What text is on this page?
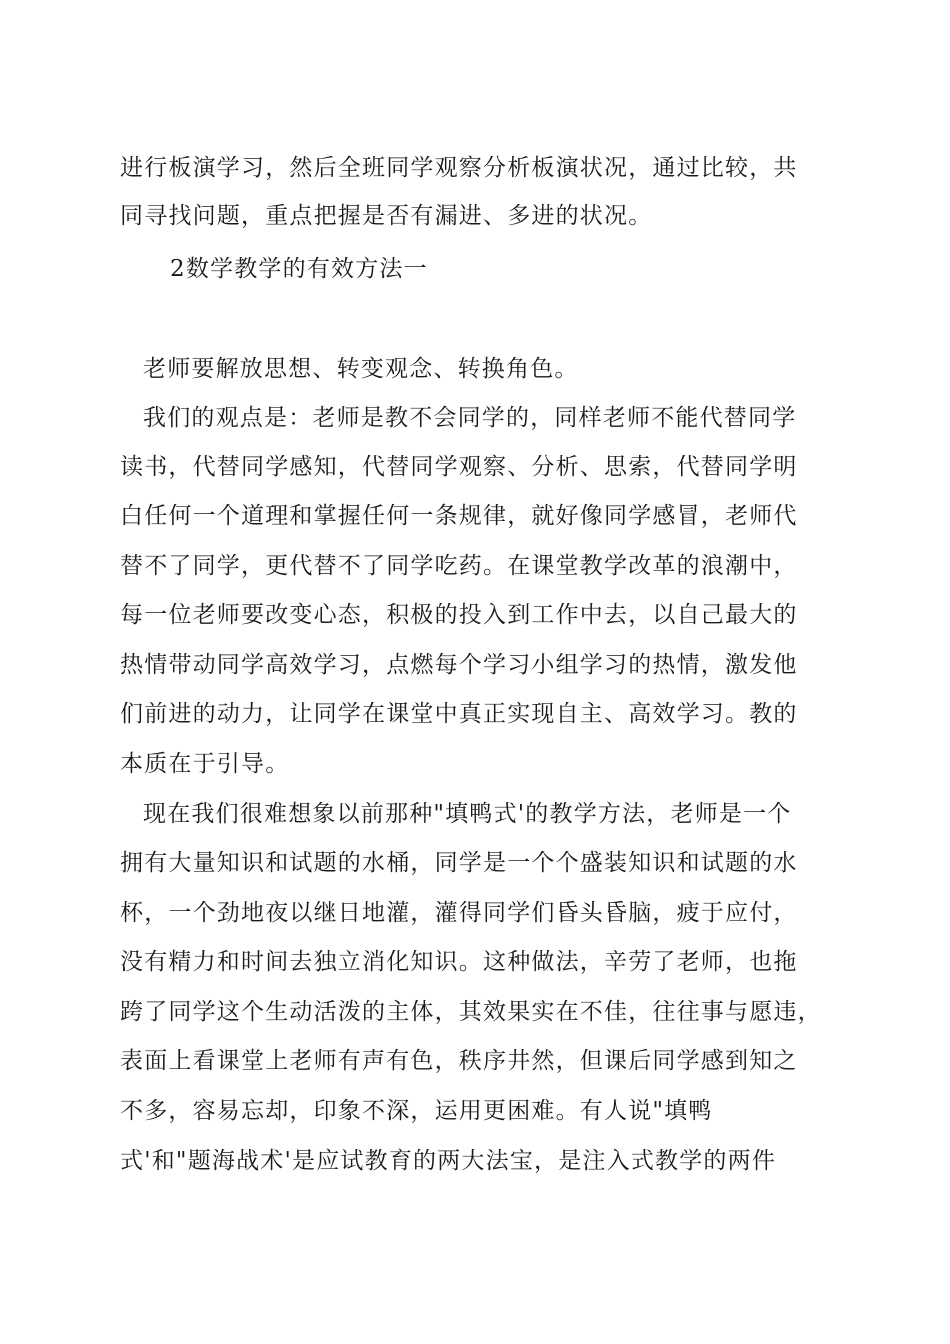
进行板演学习，然后全班同学观察分析板演状况，通过比较，共
同寻找问题，重点把握是否有漏进、多进的状况。
2数学教学的有效方法一
老师要解放思想、转变观念、转换角色。
我们的观点是：老师是教不会同学的，同样老师不能代替同学
读书，代替同学感知，代替同学观察、分析、思索，代替同学明
白任何一个道理和掌握任何一条规律，就好像同学感冒，老师代
替不了同学，更代替不了同学吃药。在课堂教学改革的浪潮中，
每一位老师要改变心态，积极的投入到工作中去，以自己最大的
热情带动同学高效学习，点燃每个学习小组学习的热情，激发他
们前进的动力，让同学在课堂中真正实现自主、高效学习。教的
本质在于引导。
现在我们很难想象以前那种"填鸭式'的教学方法，老师是一个
拥有大量知识和试题的水桶，同学是一个个盛装知识和试题的水
杯，一个劲地夜以继日地灌，灌得同学们昏头昏脑，疲于应付，
没有精力和时间去独立消化知识。这种做法，辛劳了老师，也拖
跨了同学这个生动活泼的主体，其效果实在不佳，往往事与愿违，
表面上看课堂上老师有声有色，秩序井然，但课后同学感到知之
不多，容易忘却，印象不深，运用更困难。有人说"填鸭
式'和"题海战术'是应试教育的两大法宝，是注入式教学的两件
